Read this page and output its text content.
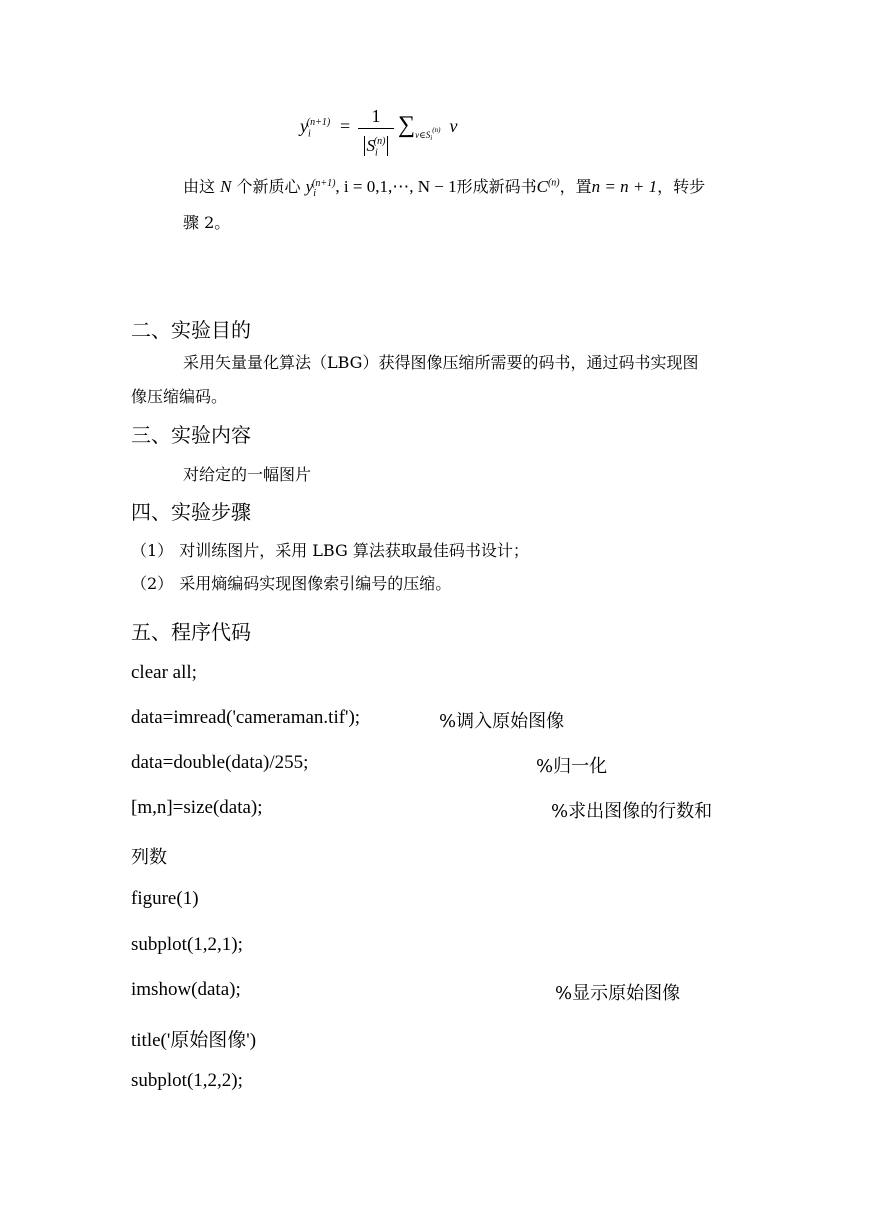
$y_i^{(n+1)}$ =	1
$S_i^{(n)}$
$\sum_{v\in Si}(n)$ v
由这 N 个新质心 $y_i^{(n+1)}$, i = 0,1,⋯, N − 1形成新码书$C^{(n)}$，置n = n + 1，转步
骤 2。
二、实验目的
采用矢量量化算法（LBG）获得图像压缩所需要的码书，通过码书实现图
像压缩编码。
三、实验内容
对给定的一幅图片
四、实验步骤
（1） 对训练图片，采用 LBG 算法获取最佳码书设计；
（2） 采用熵编码实现图像索引编号的压缩。
五、程序代码
clear all;
data=imread('cameraman.tif');	%调入原始图像
data=double(data)/255;	%归一化
[m,n]=size(data);	%求出图像的行数和
列数
figure(1)
subplot(1,2,1);
imshow(data);	%显示原始图像
title('原始图像')
subplot(1,2,2);
